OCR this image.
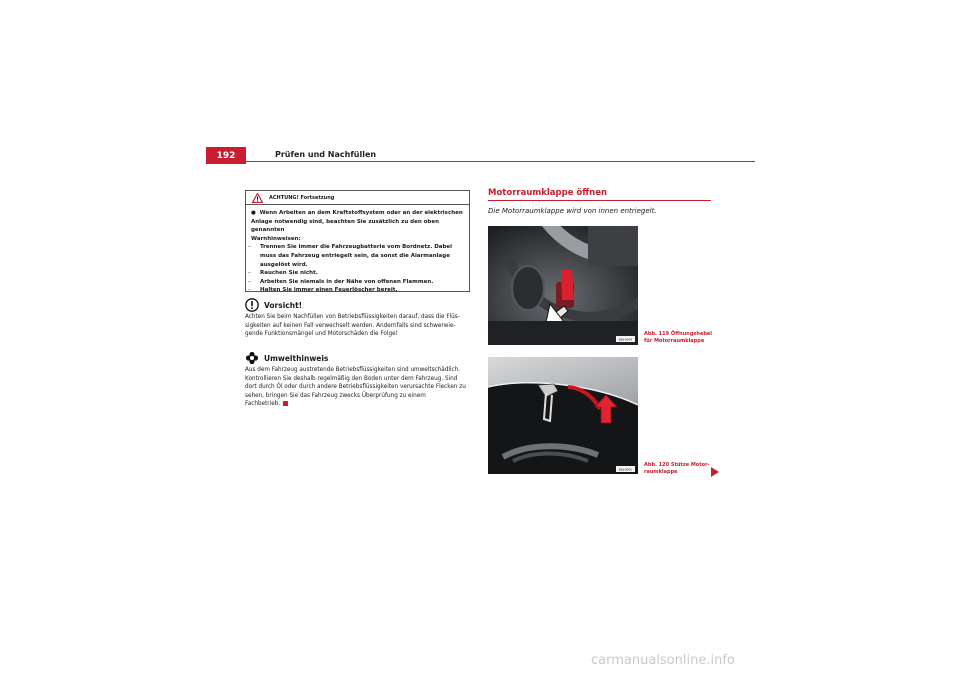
192	Prüfen und Nachfüllen
ACHTUNG! Fortsetzung
●  Wenn Arbeiten an dem Kraftstoffsystem oder an der elektrischen
Anlage notwendig sind, beachten Sie zusätzlich zu den oben genannten
Warnhinweisen:
– Trennen Sie immer die Fahrzeugbatterie vom Bordnetz. Dabei muss das Fahrzeug entriegelt sein, da sonst die Alarmanlage ausgelöst wird.
– Rauchen Sie nicht.
– Arbeiten Sie niemals in der Nähe von offenen Flammen.
– Halten Sie immer einen Feuerlöscher bereit.
Vorsicht!
Achten Sie beim Nachfüllen von Betriebsflüssigkeiten darauf, dass die Flüs-
sigkeiten auf keinen Fall verwechselt werden. Andernfalls sind schwerwie-
gende Funktionsmängel und Motorschäden die Folge!
Umwelthinweis
Aus dem Fahrzeug austretende Betriebsflüssigkeiten sind umweltschädlich.
Kontrollieren Sie deshalb regelmäßig den Boden unter dem Fahrzeug. Sind
dort durch Öl oder durch andere Betriebsflüssigkeiten verursachte Flecken zu
sehen, bringen Sie das Fahrzeug zwecks Überprüfung zu einem
Fachbetrieb.
Motorraumklappe öffnen
Die Motorraumklappe wird von innen entriegelt.
B6J-0049
Abb. 119 Öffnungshebel
für Motorraumklappe
B6J-0050
Abb. 120 Stütze Motor-
raumklappe
carmanualsonline.info
